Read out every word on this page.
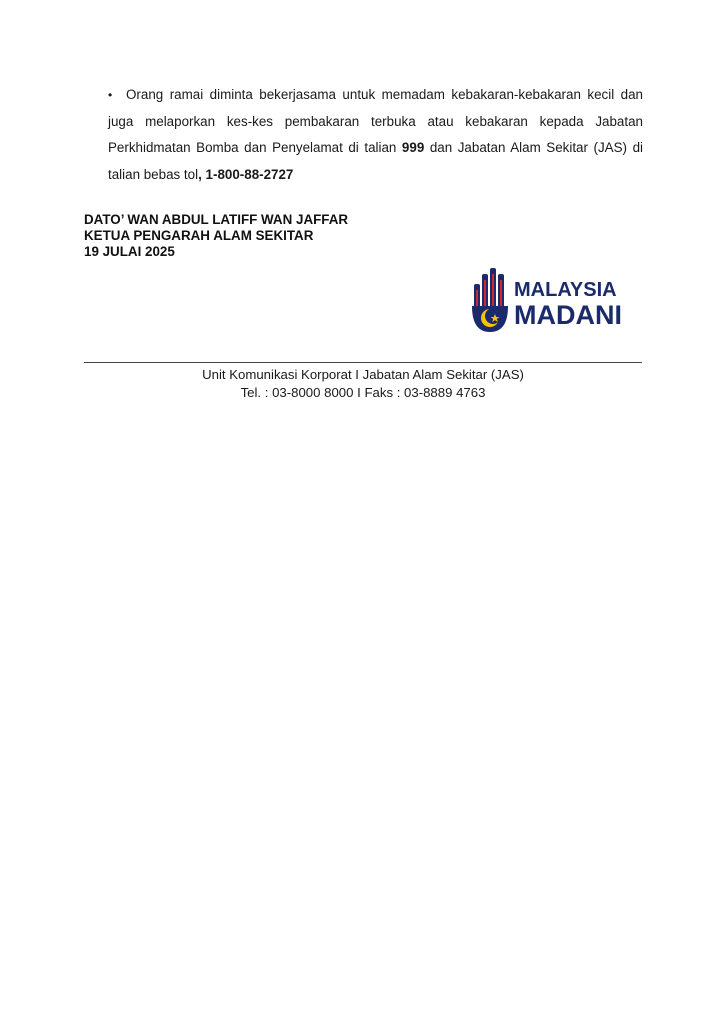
• Orang ramai diminta bekerjasama untuk memadam kebakaran-kebakaran kecil dan juga melaporkan kes-kes pembakaran terbuka atau kebakaran kepada Jabatan Perkhidmatan Bomba dan Penyelamat di talian 999 dan Jabatan Alam Sekitar (JAS) di talian bebas tol, 1-800-88-2727
DATO’ WAN ABDUL LATIFF WAN JAFFAR
KETUA PENGARAH ALAM SEKITAR
19 JULAI 2025
MALAYSIA
MADANI
Unit Komunikasi Korporat I Jabatan Alam Sekitar (JAS)
Tel. : 03-8000 8000 I Faks : 03-8889 4763
